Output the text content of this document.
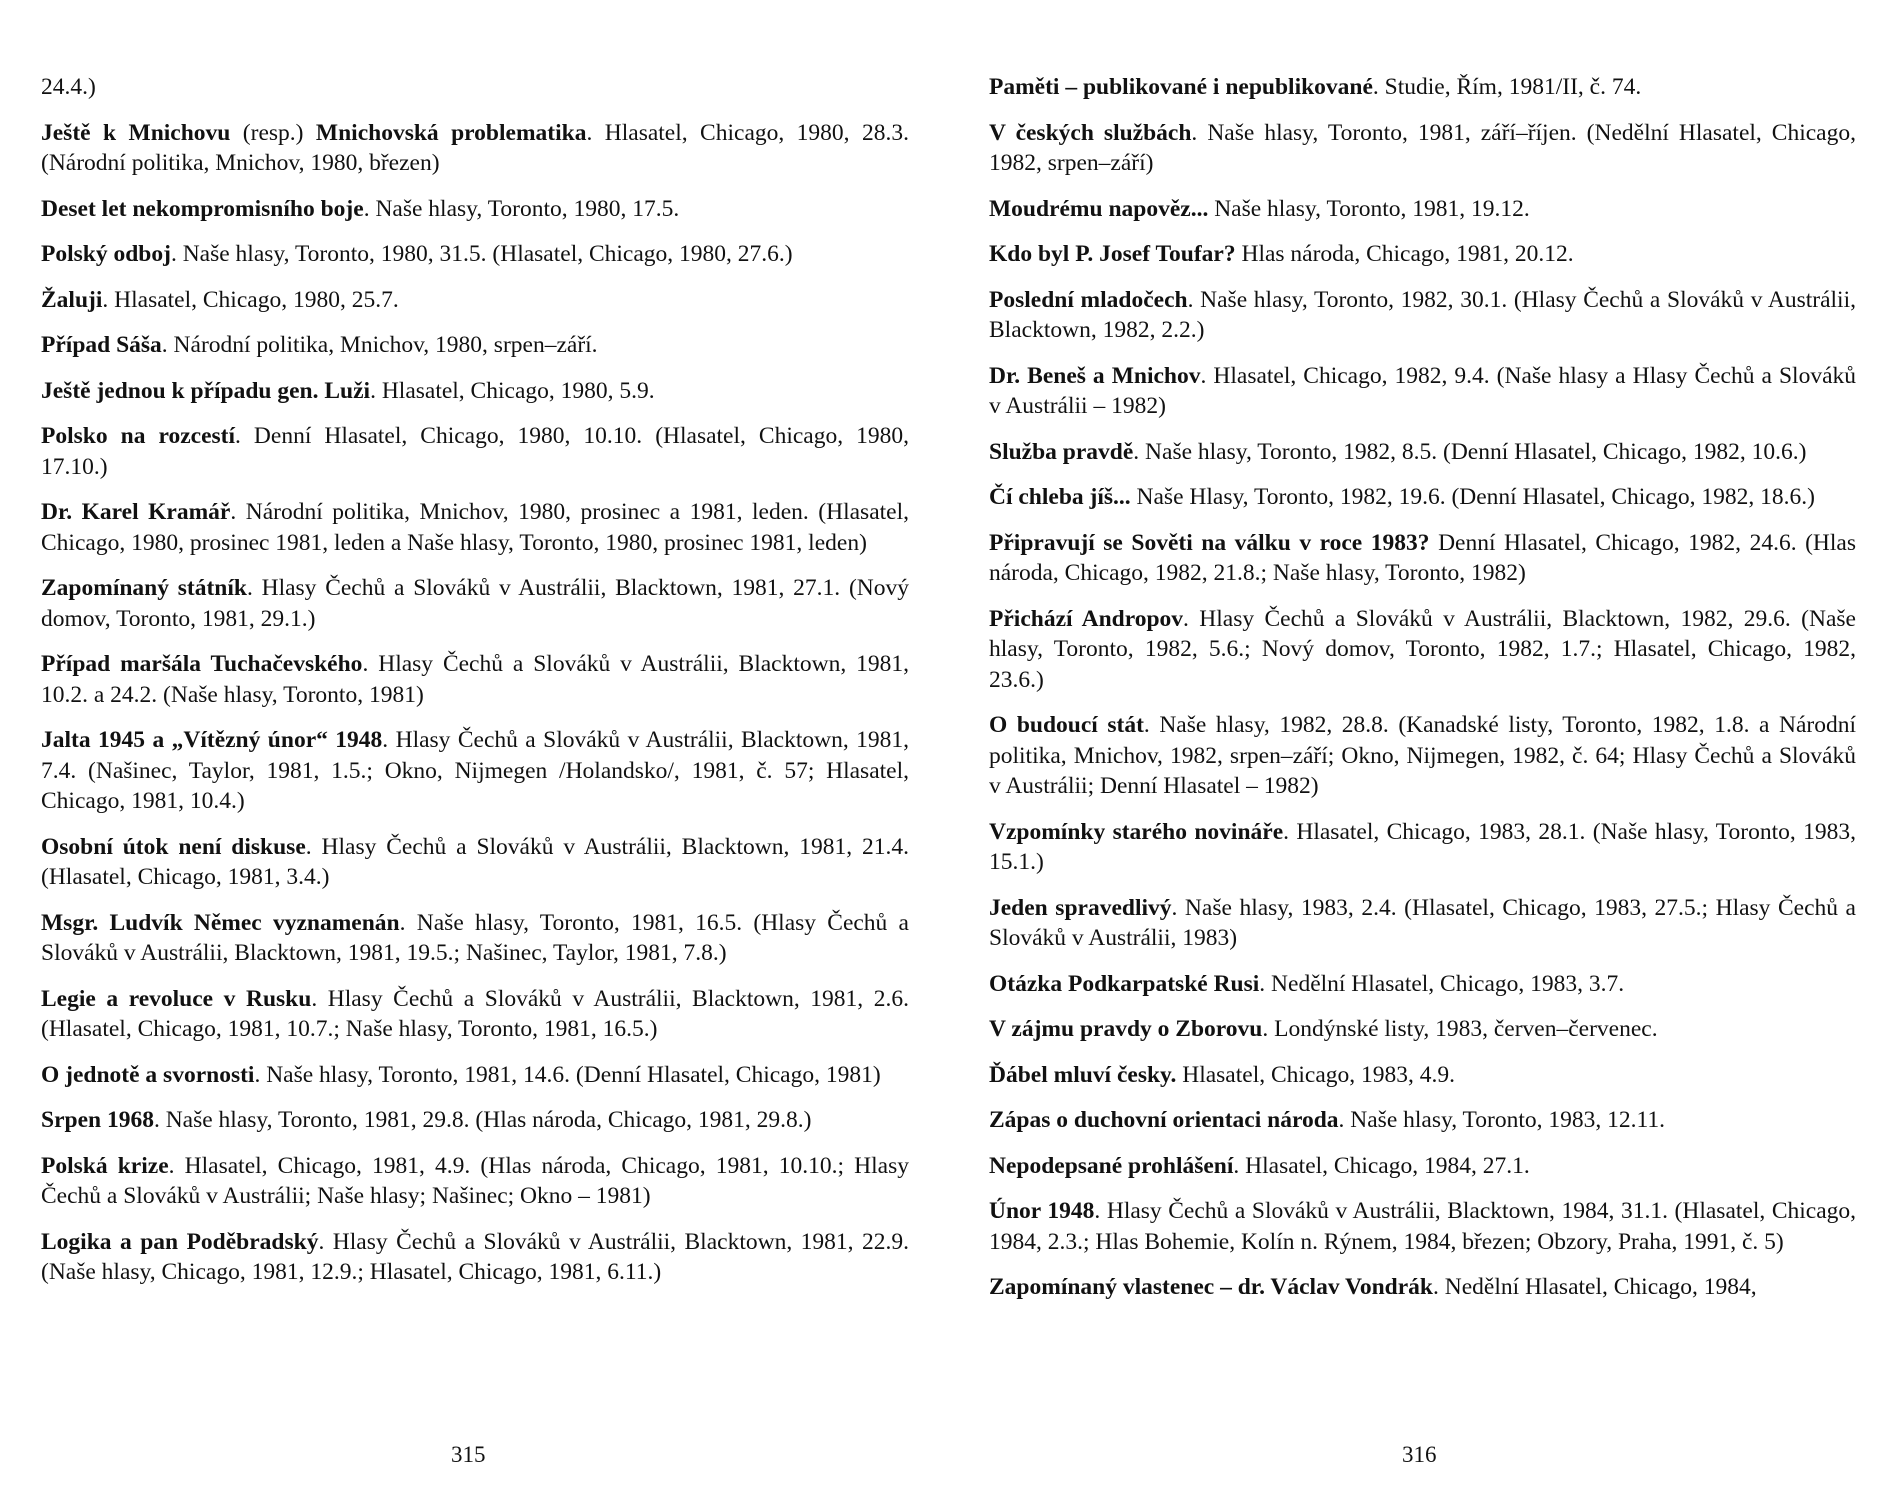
24.4.)
Ještě k Mnichovu (resp.) Mnichovská problematika. Hlasatel, Chicago, 1980, 28.3. (Národní politika, Mnichov, 1980, březen)
Deset let nekompromisního boje. Naše hlasy, Toronto, 1980, 17.5.
Polský odboj. Naše hlasy, Toronto, 1980, 31.5. (Hlasatel, Chicago, 1980, 27.6.)
Žaluji. Hlasatel, Chicago, 1980, 25.7.
Případ Sáša. Národní politika, Mnichov, 1980, srpen–září.
Ještě jednou k případu gen. Luži. Hlasatel, Chicago, 1980, 5.9.
Polsko na rozcestí. Denní Hlasatel, Chicago, 1980, 10.10. (Hlasatel, Chicago, 1980, 17.10.)
Dr. Karel Kramář. Národní politika, Mnichov, 1980, prosinec a 1981, leden. (Hlasatel, Chicago, 1980, prosinec 1981, leden a Naše hlasy, Toronto, 1980, prosinec 1981, leden)
Zapomínaný státník. Hlasy Čechů a Slováků v Austrálii, Blacktown, 1981, 27.1. (Nový domov, Toronto, 1981, 29.1.)
Případ maršála Tuchačevského. Hlasy Čechů a Slováků v Austrálii, Blacktown, 1981, 10.2. a 24.2. (Naše hlasy, Toronto, 1981)
Jalta 1945 a „Vítězný únor“ 1948. Hlasy Čechů a Slováků v Austrálii, Blacktown, 1981, 7.4. (Našinec, Taylor, 1981, 1.5.; Okno, Nijmegen /Holandsko/, 1981, č. 57; Hlasatel, Chicago, 1981, 10.4.)
Osobní útok není diskuse. Hlasy Čechů a Slováků v Austrálii, Blacktown, 1981, 21.4. (Hlasatel, Chicago, 1981, 3.4.)
Msgr. Ludvík Němec vyznamenán. Naše hlasy, Toronto, 1981, 16.5. (Hlasy Čechů a Slováků v Austrálii, Blacktown, 1981, 19.5.; Našinec, Taylor, 1981, 7.8.)
Legie a revoluce v Rusku. Hlasy Čechů a Slováků v Austrálii, Blacktown, 1981, 2.6. (Hlasatel, Chicago, 1981, 10.7.; Naše hlasy, Toronto, 1981, 16.5.)
O jednotě a svornosti. Naše hlasy, Toronto, 1981, 14.6. (Denní Hlasatel, Chicago, 1981)
Srpen 1968. Naše hlasy, Toronto, 1981, 29.8. (Hlas národa, Chicago, 1981, 29.8.)
Polská krize. Hlasatel, Chicago, 1981, 4.9. (Hlas národa, Chicago, 1981, 10.10.; Hlasy Čechů a Slováků v Austrálii; Naše hlasy; Našinec; Okno – 1981)
Logika a pan Poděbradský. Hlasy Čechů a Slováků v Austrálii, Blacktown, 1981, 22.9. (Naše hlasy, Chicago, 1981, 12.9.; Hlasatel, Chicago, 1981, 6.11.)
315
Paměti – publikované i nepublikované. Studie, Řím, 1981/II, č. 74.
V českých službách. Naše hlasy, Toronto, 1981, září–říjen. (Nedělní Hlasatel, Chicago, 1982, srpen–září)
Moudrému napověz... Naše hlasy, Toronto, 1981, 19.12.
Kdo byl P. Josef Toufar? Hlas národa, Chicago, 1981, 20.12.
Poslední mladočech. Naše hlasy, Toronto, 1982, 30.1. (Hlasy Čechů a Slováků v Austrálii, Blacktown, 1982, 2.2.)
Dr. Beneš a Mnichov. Hlasatel, Chicago, 1982, 9.4. (Naše hlasy a Hlasy Čechů a Slováků v Austrálii – 1982)
Služba pravdě. Naše hlasy, Toronto, 1982, 8.5. (Denní Hlasatel, Chicago, 1982, 10.6.)
Čí chleba jíš... Naše Hlasy, Toronto, 1982, 19.6. (Denní Hlasatel, Chicago, 1982, 18.6.)
Připravují se Sověti na válku v roce 1983? Denní Hlasatel, Chicago, 1982, 24.6. (Hlas národa, Chicago, 1982, 21.8.; Naše hlasy, Toronto, 1982)
Přichází Andropov. Hlasy Čechů a Slováků v Austrálii, Blacktown, 1982, 29.6. (Naše hlasy, Toronto, 1982, 5.6.; Nový domov, Toronto, 1982, 1.7.; Hlasatel, Chicago, 1982, 23.6.)
O budoucí stát. Naše hlasy, 1982, 28.8. (Kanadské listy, Toronto, 1982, 1.8. a Národní politika, Mnichov, 1982, srpen–září; Okno, Nijmegen, 1982, č. 64; Hlasy Čechů a Slováků v Austrálii; Denní Hlasatel – 1982)
Vzpomínky starého novináře. Hlasatel, Chicago, 1983, 28.1. (Naše hlasy, Toronto, 1983, 15.1.)
Jeden spravedlivý. Naše hlasy, 1983, 2.4. (Hlasatel, Chicago, 1983, 27.5.; Hlasy Čechů a Slováků v Austrálii, 1983)
Otázka Podkarpatské Rusi. Nedělní Hlasatel, Chicago, 1983, 3.7.
V zájmu pravdy o Zborovu. Londýnské listy, 1983, červen–červenec.
Ďábel mluví česky. Hlasatel, Chicago, 1983, 4.9.
Zápas o duchovní orientaci národa. Naše hlasy, Toronto, 1983, 12.11.
Nepodepsané prohlášení. Hlasatel, Chicago, 1984, 27.1.
Únor 1948. Hlasy Čechů a Slováků v Austrálii, Blacktown, 1984, 31.1. (Hlasatel, Chicago, 1984, 2.3.; Hlas Bohemie, Kolín n. Rýnem, 1984, březen; Obzory, Praha, 1991, č. 5)
Zapomínaný vlastenec – dr. Václav Vondrák. Nedělní Hlasatel, Chicago, 1984,
316
